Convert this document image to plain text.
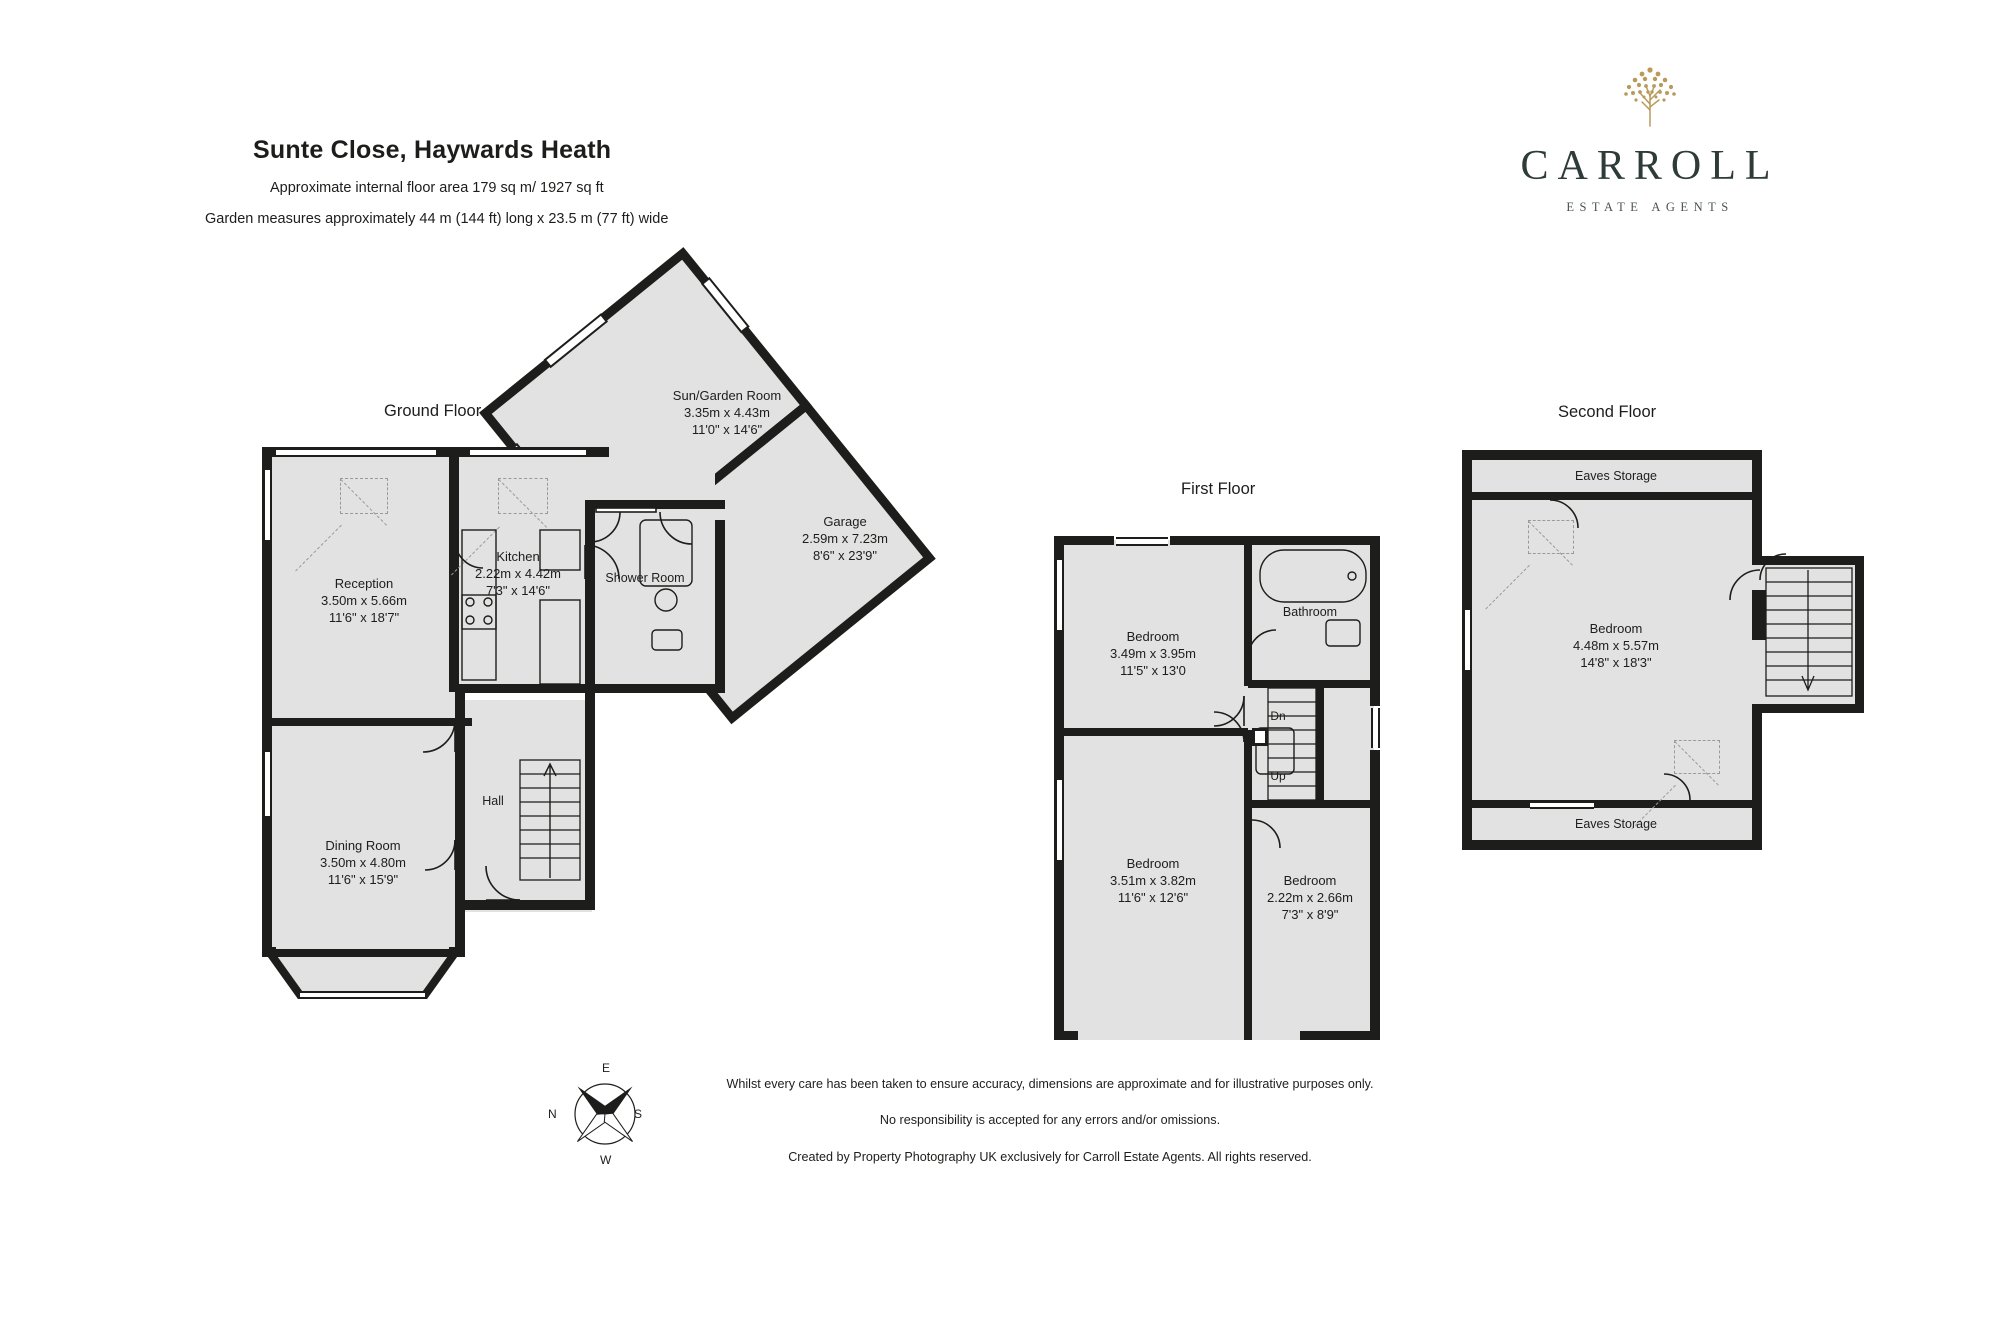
Sunte Close, Haywards Heath
Approximate internal floor area 179 sq m/ 1927 sq ft
Garden measures approximately 44 m (144 ft) long x 23.5 m (77 ft) wide
CARROLL
ESTATE AGENTS
Ground Floor
First Floor
Second Floor
Reception
3.50m x 5.66m
11'6" x 18'7"
Kitchen
2.22m x 4.42m
7'3" x 14'6"
Shower Room
Sun/Garden Room
3.35m x 4.43m
11'0" x 14'6"
Garage
2.59m x 7.23m
8'6" x 23'9"
Dining Room
3.50m x 4.80m
11'6" x 15'9"
Hall
Bedroom
3.49m x 3.95m
11'5" x 13'0
Bathroom
Bedroom
3.51m x 3.82m
11'6" x 12'6"
Bedroom
2.22m x 2.66m
7'3" x 8'9"
Dn
Up
Eaves Storage
Bedroom
4.48m x 5.57m
14'8" x 18'3"
Eaves Storage
E
S
W
N
Whilst every care has been taken to ensure accuracy, dimensions are approximate and for illustrative purposes only.
No responsibility is accepted for any errors and/or omissions.
Created by Property Photography UK exclusively for Carroll Estate Agents. All rights reserved.
